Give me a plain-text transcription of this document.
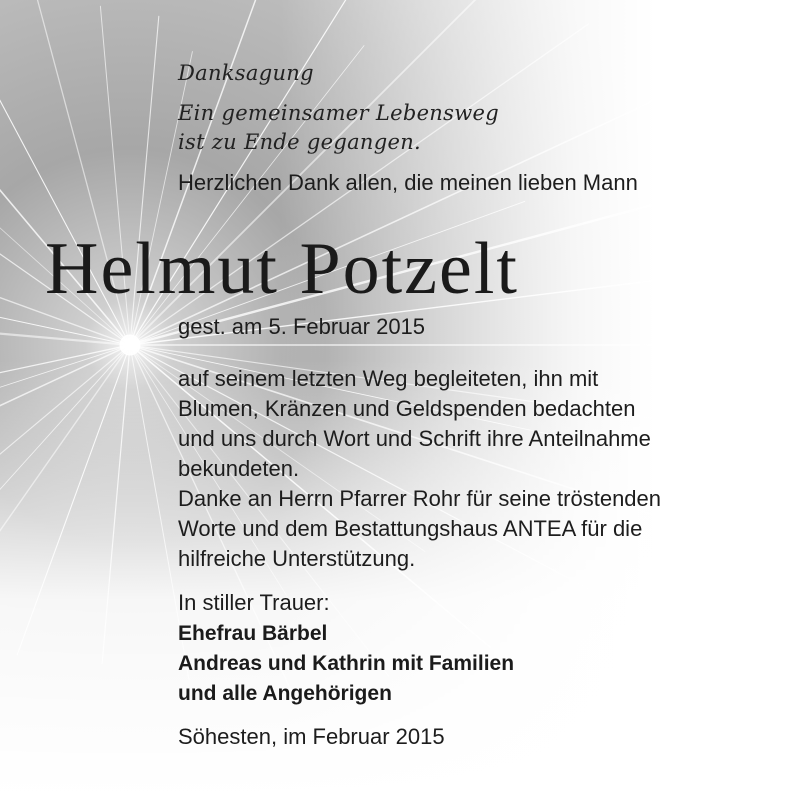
Danksagung
Ein gemeinsamer Lebensweg
ist zu Ende gegangen.
Herzlichen Dank allen, die meinen lieben Mann
Helmut Potzelt
gest. am 5. Februar 2015
auf seinem letzten Weg begleiteten, ihn mit
Blumen, Kränzen und Geldspenden bedachten
und uns durch Wort und Schrift ihre Anteilnahme
bekundeten.
Danke an Herrn Pfarrer Rohr für seine tröstenden
Worte und dem Bestattungshaus ANTEA für die
hilfreiche Unterstützung.
In stiller Trauer:
Ehefrau Bärbel
Andreas und Kathrin mit Familien
und alle Angehörigen
Söhesten, im Februar 2015
